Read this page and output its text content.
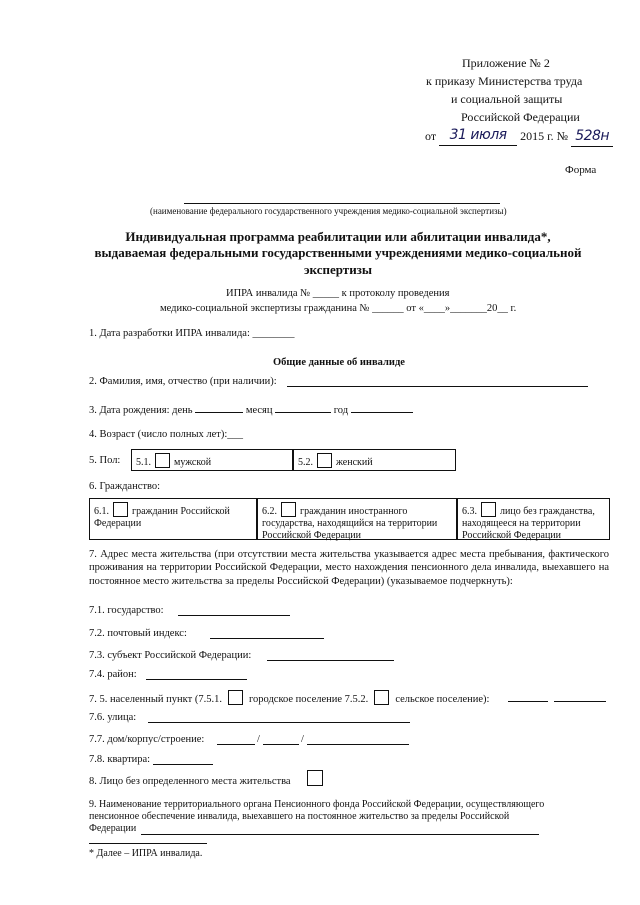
Приложение № 2
к приказу Министерства труда
и социальной защиты
Российской Федерации
от 31 июля 2015 г. № 528н
Форма
(наименование федерального государственного учреждения медико-социальной экспертизы)
Индивидуальная программа реабилитации или абилитации инвалида*,
выдаваемая федеральными государственными учреждениями медико-социальной
экспертизы
ИПРА инвалида № _____ к протоколу проведения
медико-социальной экспертизы гражданина № ______ от «____»_______20__ г.
1. Дата разработки ИПРА инвалида: ________
Общие данные об инвалиде
2. Фамилия, имя, отчество (при наличии):
3. Дата рождения: день	месяц	год
4. Возраст (число полных лет):___
5. Пол:	5.1. мужской	5.2. женский
6. Гражданство:
6.1. гражданин Российской
Федерации
6.2. гражданин иностранного
государства, находящийся на территории
Российской Федерации
6.3. лицо без гражданства,
находящееся на территории
Российской Федерации
7. Адрес места жительства (при отсутствии места жительства указывается адрес места пребывания, фактического проживания на территории Российской Федерации, место нахождения пенсионного дела инвалида, выехавшего на постоянное место жительства за пределы Российской Федерации) (указываемое подчеркнуть):
7.1. государство:
7.2. почтовый индекс:
7.3. субъект Российской Федерации:
7.4. район:
7. 5. населенный пункт (7.5.1.	городское поселение 7.5.2.	сельское поселение):
7.6. улица:
7.7. дом/корпус/строение:	/	/
7.8. квартира:
8. Лицо без определенного места жительства
9. Наименование территориального органа Пенсионного фонда Российской Федерации, осуществляющего
пенсионное обеспечение инвалида, выехавшего на постоянное жительство за пределы Российской
Федерации
* Далее – ИПРА инвалида.
